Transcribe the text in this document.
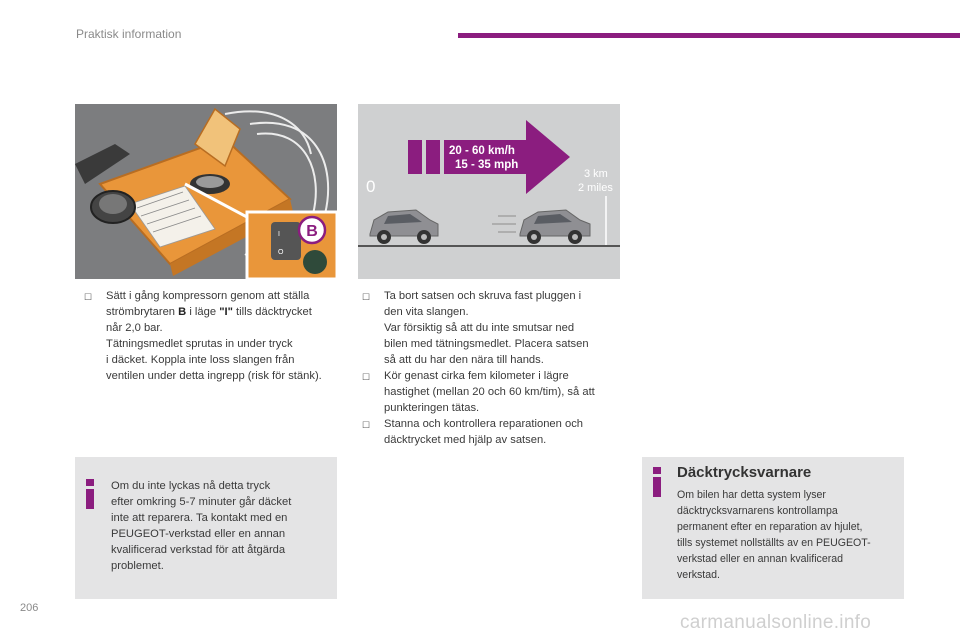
Praktisk information
I
O
B
20 - 60 km/h
15 - 35 mph
0
3 km
2 miles
☐ Sätt i gång kompressorn genom att ställa

strömbrytaren B i läge "I" tills däcktrycket

når 2,0 bar.

Tätningsmedlet sprutas in under tryck

i däcket. Koppla inte loss slangen från

ventilen under detta ingrepp (risk för stänk).

☐ Ta bort satsen och skruva fast pluggen i

den vita slangen.

Var försiktig så att du inte smutsar ned

bilen med tätningsmedlet. Placera satsen

så att du har den nära till hands.

☐ Kör genast cirka fem kilometer i lägre

hastighet (mellan 20 och 60 km/tim), så att

punkteringen tätas.

☐ Stanna och kontrollera reparationen och

däcktrycket med hjälp av satsen.

Om du inte lyckas nå detta tryck
efter omkring 5-7 minuter går däcket
inte att reparera. Ta kontakt med en
PEUGEOT-verkstad eller en annan
kvalificerad verkstad för att åtgärda
problemet.
Däcktrycksvarnare
Om bilen har detta system lyser
däcktrycksvarnarens kontrollampa
permanent efter en reparation av hjulet,
tills systemet nollställts av en PEUGEOT-
verkstad eller en annan kvalificerad
verkstad.
206
carmanualsonline.info
